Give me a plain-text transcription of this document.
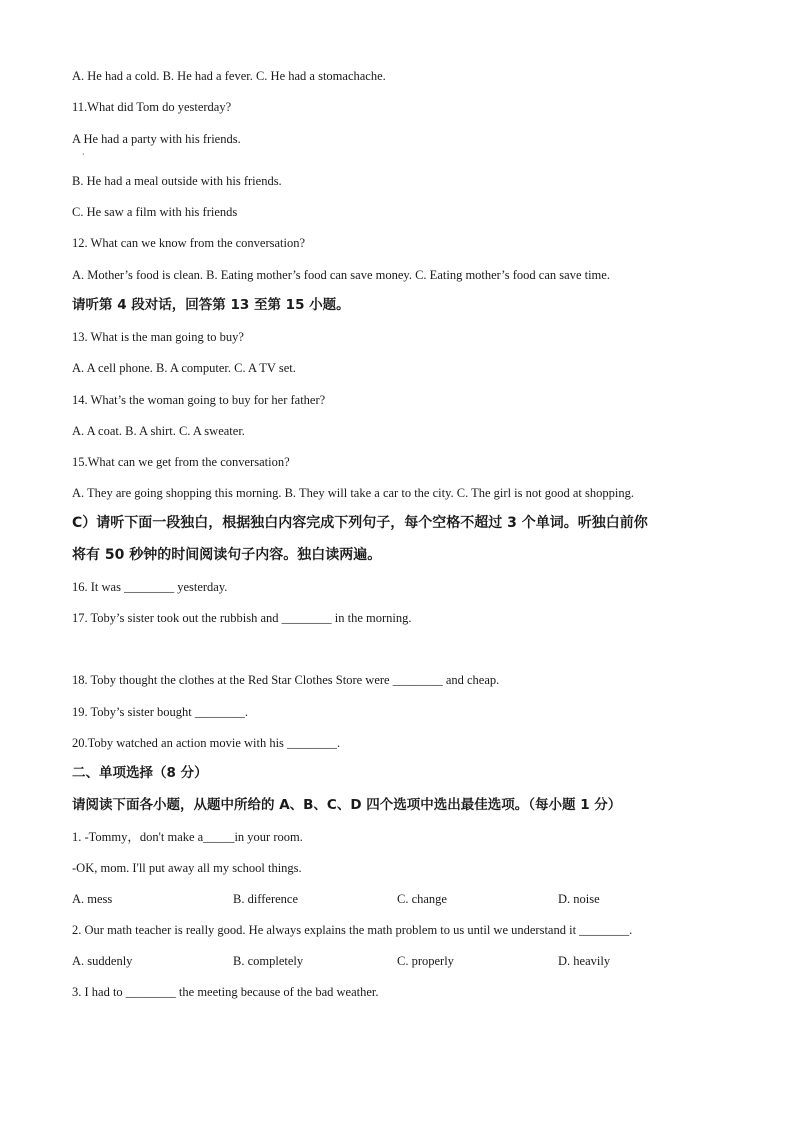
A. He had a cold. B. He had a fever. C. He had a stomachache.
11.What did Tom do yesterday?
A He had a party with his friends.
·
B. He had a meal outside with his friends.
C. He saw a film with his friends
12. What can we know from the conversation?
A. Mother’s food is clean. B. Eating mother’s food can save money. C. Eating mother’s food can save time.
请听第 4 段对话，回答第 13 至第 15 小题。
13. What is the man going to buy?
A. A cell phone. B. A computer. C. A TV set.
14. What’s the woman going to buy for her father?
A. A coat. B. A shirt. C. A sweater.
15.What can we get from the conversation?
A. They are going shopping this morning. B. They will take a car to the city. C. The girl is not good at shopping.
C）请听下面一段独白，根据独白内容完成下列句子，每个空格不超过 3 个单词。听独白前你
将有 50 秒钟的时间阅读句子内容。独白读两遍。
16. It was ________ yesterday.
17. Toby’s sister took out the rubbish and ________ in the morning.
18. Toby thought the clothes at the Red Star Clothes Store were ________ and cheap.
19. Toby’s sister bought ________.
20.Toby watched an action movie with his ________.
二、单项选择（8 分）
请阅读下面各小题，从题中所给的 A、B、C、D 四个选项中选出最佳选项。（每小题 1 分）
1. -Tommy，don't make a_____in your room.
-OK, mom. I'll put away all my school things.
A. mess	B. difference	C. change	D. noise
2. Our math teacher is really good. He always explains the math problem to us until we understand it ________.
A. suddenly	B. completely	C. properly	D. heavily
3. I had to ________ the meeting because of the bad weather.
